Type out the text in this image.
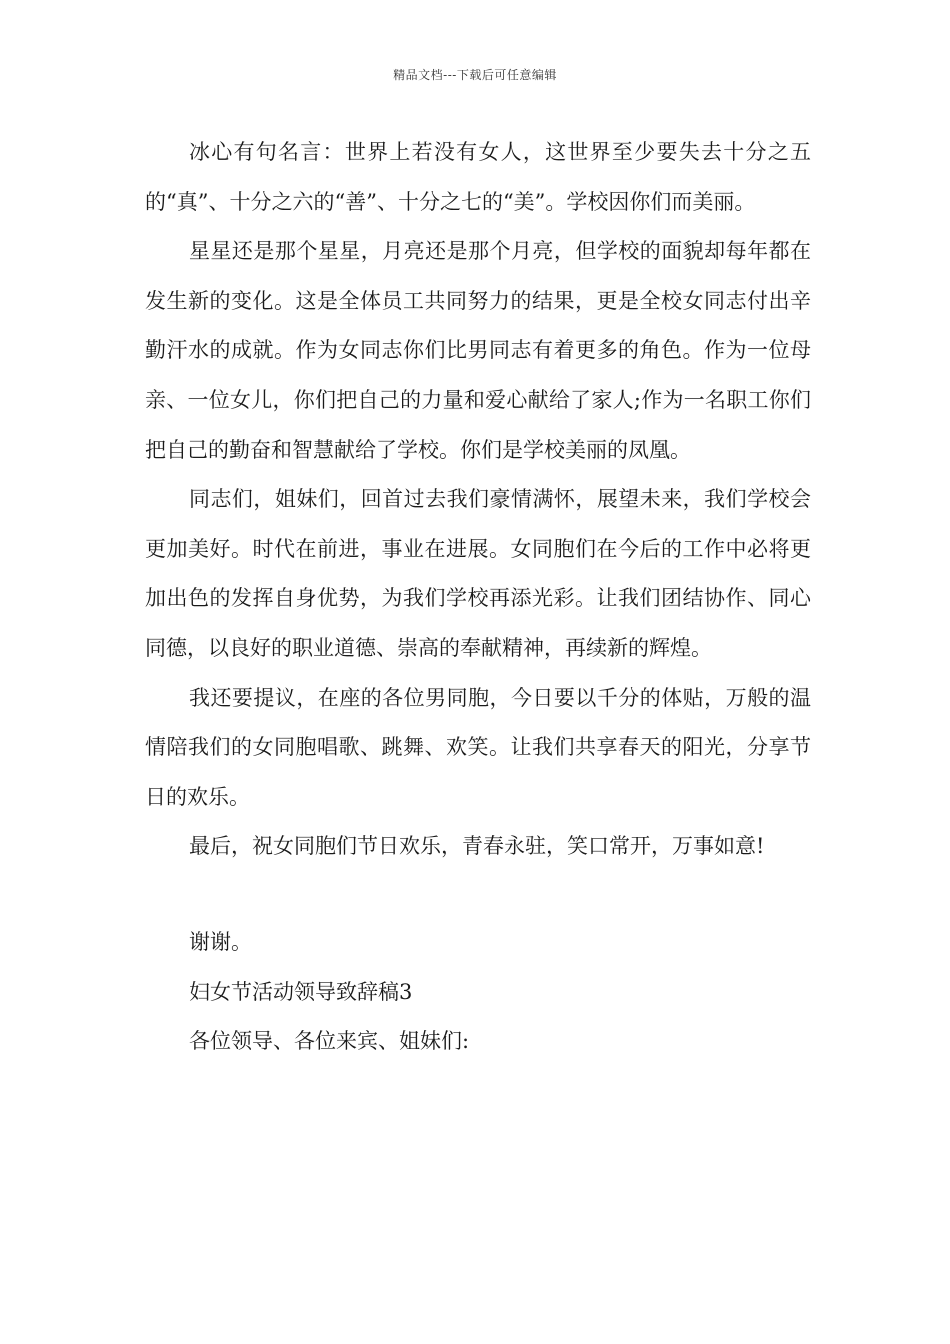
精品文档---下载后可任意编辑

冰心有句名言：世界上若没有女人，这世界至少要失去十分之五的“真”、十分之六的“善”、十分之七的“美”。学校因你们而美丽。

星星还是那个星星，月亮还是那个月亮，但学校的面貌却每年都在发生新的变化。这是全体员工共同努力的结果，更是全校女同志付出辛勤汗水的成就。作为女同志你们比男同志有着更多的角色。作为一位母亲、一位女儿，你们把自己的力量和爱心献给了家人;作为一名职工你们把自己的勤奋和智慧献给了学校。你们是学校美丽的凤凰。

同志们，姐妹们，回首过去我们豪情满怀，展望未来，我们学校会更加美好。时代在前进，事业在进展。女同胞们在今后的工作中必将更加出色的发挥自身优势，为我们学校再添光彩。让我们团结协作、同心同德，以良好的职业道德、崇高的奉献精神，再续新的辉煌。

我还要提议，在座的各位男同胞，今日要以千分的体贴，万般的温情陪我们的女同胞唱歌、跳舞、欢笑。让我们共享春天的阳光，分享节日的欢乐。

最后，祝女同胞们节日欢乐，青春永驻，笑口常开，万事如意!

谢谢。

妇女节活动领导致辞稿3

各位领导、各位来宾、姐妹们:
